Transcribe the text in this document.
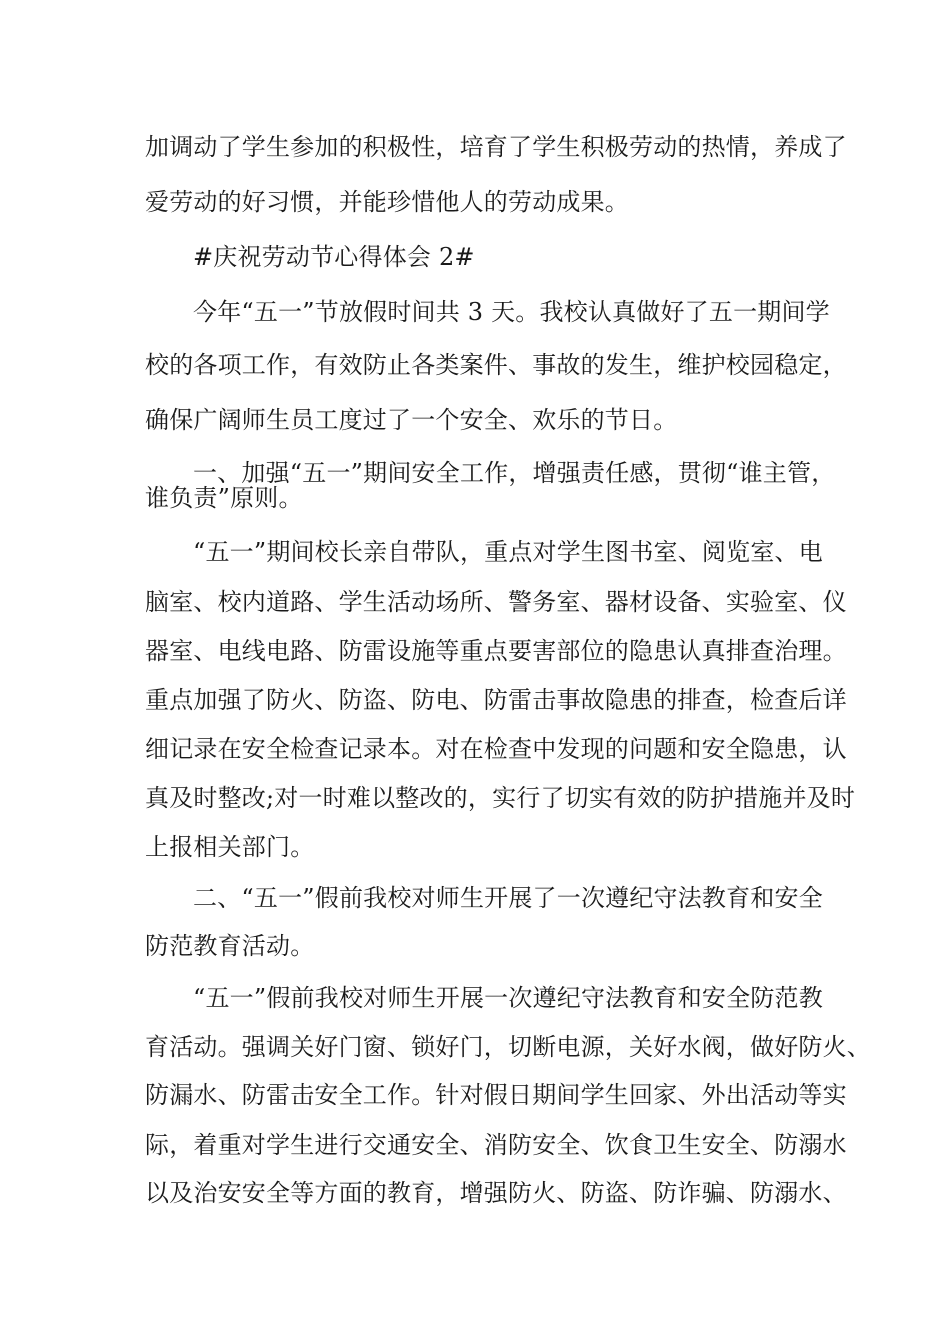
加调动了学生参加的积极性，培育了学生积极劳动的热情，养成了
爱劳动的好习惯，并能珍惜他人的劳动成果。
#庆祝劳动节心得体会 2#
今年“五一”节放假时间共 3 天。我校认真做好了五一期间学
校的各项工作，有效防止各类案件、事故的发生，维护校园稳定，
确保广阔师生员工度过了一个安全、欢乐的节日。
一、加强“五一”期间安全工作，增强责任感，贯彻“谁主管，
谁负责”原则。
“五一”期间校长亲自带队，重点对学生图书室、阅览室、电
脑室、校内道路、学生活动场所、警务室、器材设备、实验室、仪
器室、电线电路、防雷设施等重点要害部位的隐患认真排查治理。
重点加强了防火、防盗、防电、防雷击事故隐患的排查，检查后详
细记录在安全检查记录本。对在检查中发现的问题和安全隐患，认
真及时整改;对一时难以整改的，实行了切实有效的防护措施并及时
上报相关部门。
二、“五一”假前我校对师生开展了一次遵纪守法教育和安全
防范教育活动。
“五一”假前我校对师生开展一次遵纪守法教育和安全防范教
育活动。强调关好门窗、锁好门，切断电源，关好水阀，做好防火、
防漏水、防雷击安全工作。针对假日期间学生回家、外出活动等实
际，着重对学生进行交通安全、消防安全、饮食卫生安全、防溺水
以及治安安全等方面的教育，增强防火、防盗、防诈骗、防溺水、
